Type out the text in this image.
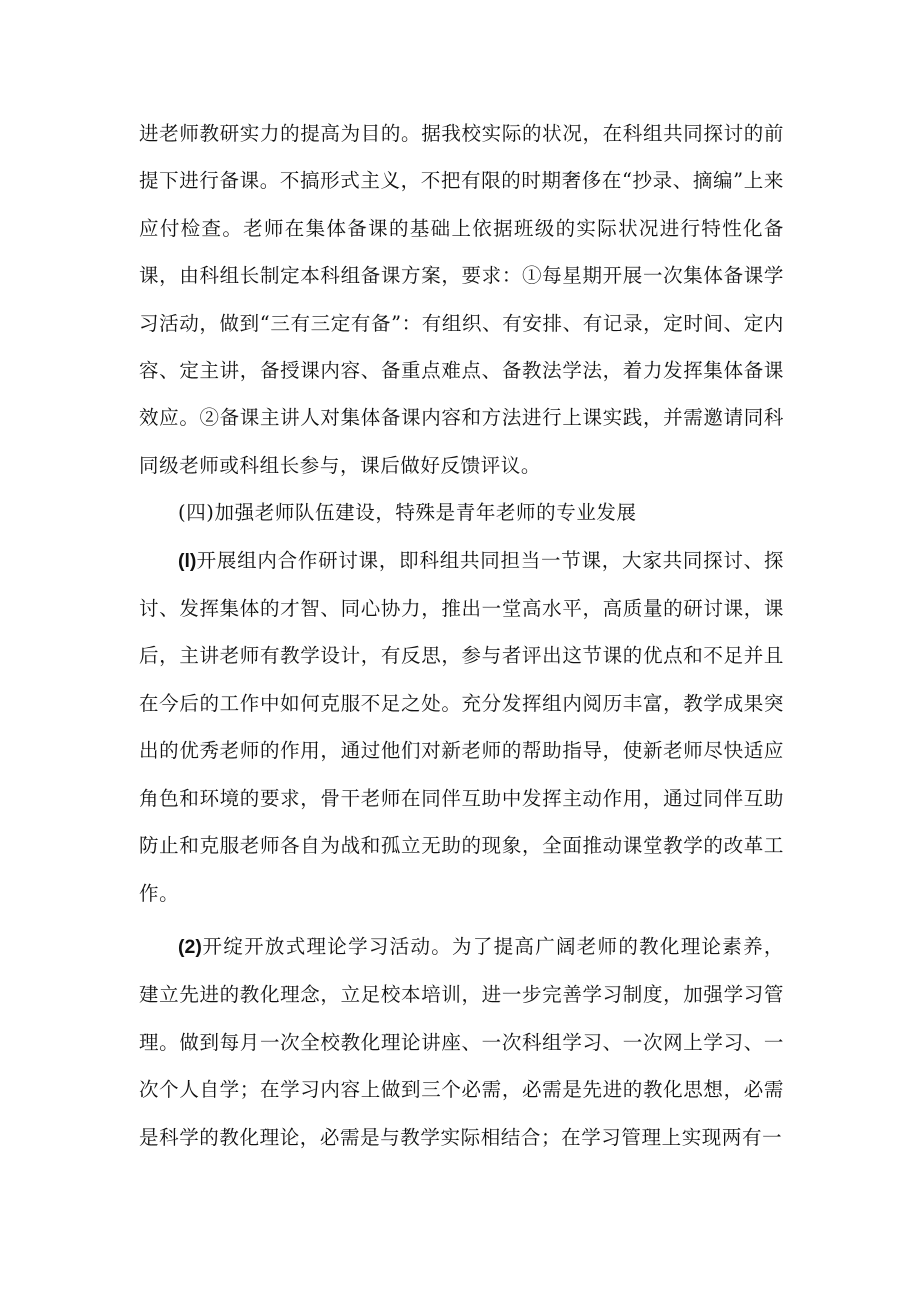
进老师教研实力的提高为目的。据我校实际的状况，在科组共同探讨的前提下进行备课。不搞形式主义，不把有限的时期奢侈在“抄录、摘编”上来应付检查。老师在集体备课的基础上依据班级的实际状况进行特性化备课，由科组长制定本科组备课方案，要求：①每星期开展一次集体备课学习活动，做到“三有三定有备”：有组织、有安排、有记录，定时间、定内容、定主讲，备授课内容、备重点难点、备教法学法，着力发挥集体备课效应。②备课主讲人对集体备课内容和方法进行上课实践，并需邀请同科同级老师或科组长参与，课后做好反馈评议。

(四)加强老师队伍建设，特殊是青年老师的专业发展

(l)开展组内合作研讨课，即科组共同担当一节课，大家共同探讨、探讨、发挥集体的才智、同心协力，推出一堂高水平，高质量的研讨课，课后，主讲老师有教学设计，有反思，参与者评出这节课的优点和不足并且在今后的工作中如何克服不足之处。充分发挥组内阅历丰富，教学成果突出的优秀老师的作用，通过他们对新老师的帮助指导，使新老师尽快适应角色和环境的要求，骨干老师在同伴互助中发挥主动作用，通过同伴互助防止和克服老师各自为战和孤立无助的现象，全面推动课堂教学的改革工作。

(2)开绽开放式理论学习活动。为了提高广阔老师的教化理论素养，建立先进的教化理念，立足校本培训，进一步完善学习制度，加强学习管理。做到每月一次全校教化理论讲座、一次科组学习、一次网上学习、一次个人自学；在学习内容上做到三个必需，必需是先进的教化思想，必需是科学的教化理论，必需是与教学实际相结合；在学习管理上实现两有一
